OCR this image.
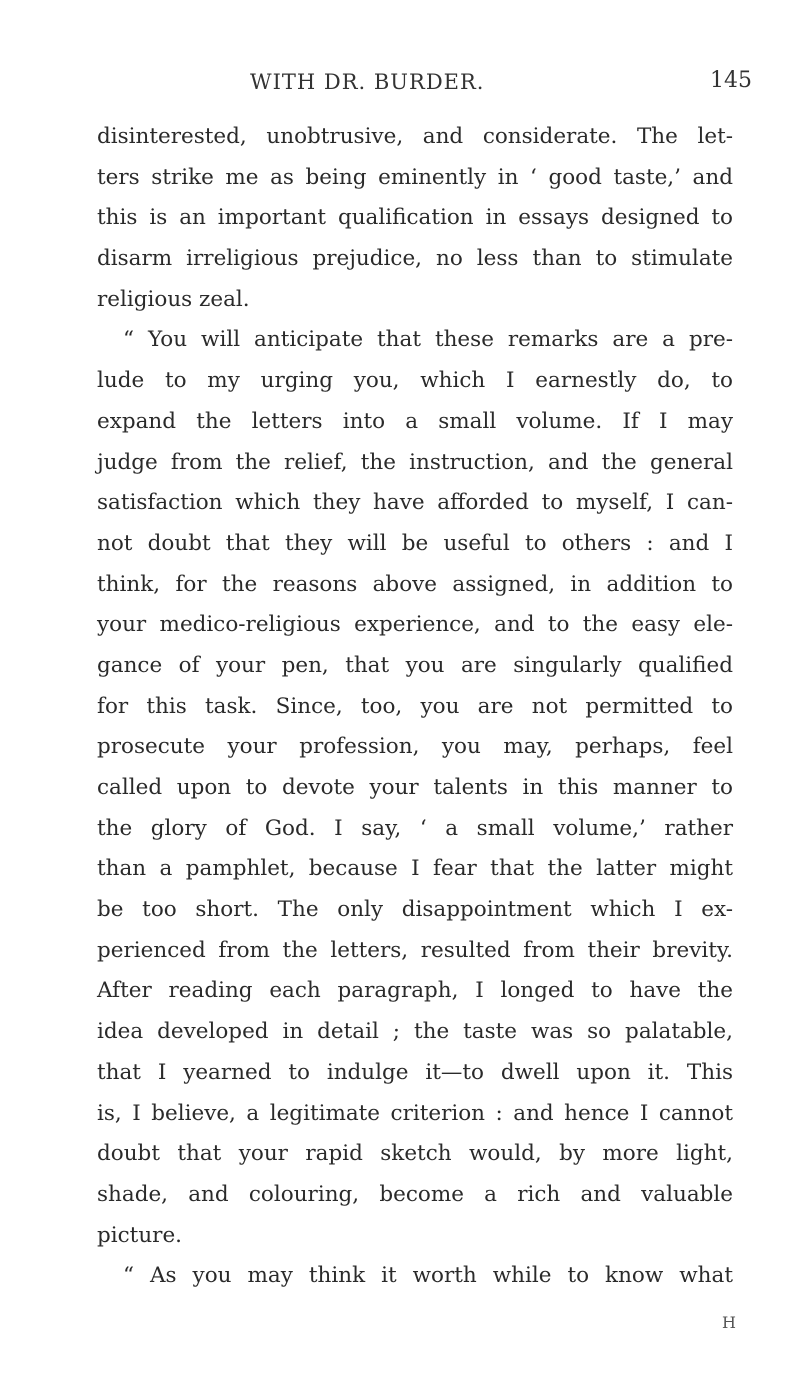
WITH DR. BURDER.	145
disinterested, unobtrusive, and considerate. The let-
ters strike me as being eminently in ‘ good taste,’ and
this is an important qualification in essays designed to
disarm irreligious prejudice, no less than to stimulate
religious zeal.
“ You will anticipate that these remarks are a pre-
lude to my urging you, which I earnestly do, to
expand the letters into a small volume. If I may
judge from the relief, the instruction, and the general
satisfaction which they have afforded to myself, I can-
not doubt that they will be useful to others : and I
think, for the reasons above assigned, in addition to
your medico-religious experience, and to the easy ele-
gance of your pen, that you are singularly qualified
for this task. Since, too, you are not permitted to
prosecute your profession, you may, perhaps, feel
called upon to devote your talents in this manner to
the glory of God. I say, ‘ a small volume,’ rather
than a pamphlet, because I fear that the latter might
be too short. The only disappointment which I ex-
perienced from the letters, resulted from their brevity.
After reading each paragraph, I longed to have the
idea developed in detail ; the taste was so palatable,
that I yearned to indulge it—to dwell upon it. This
is, I believe, a legitimate criterion : and hence I cannot
doubt that your rapid sketch would, by more light,
shade, and colouring, become a rich and valuable
picture.
“ As you may think it worth while to know what
H
